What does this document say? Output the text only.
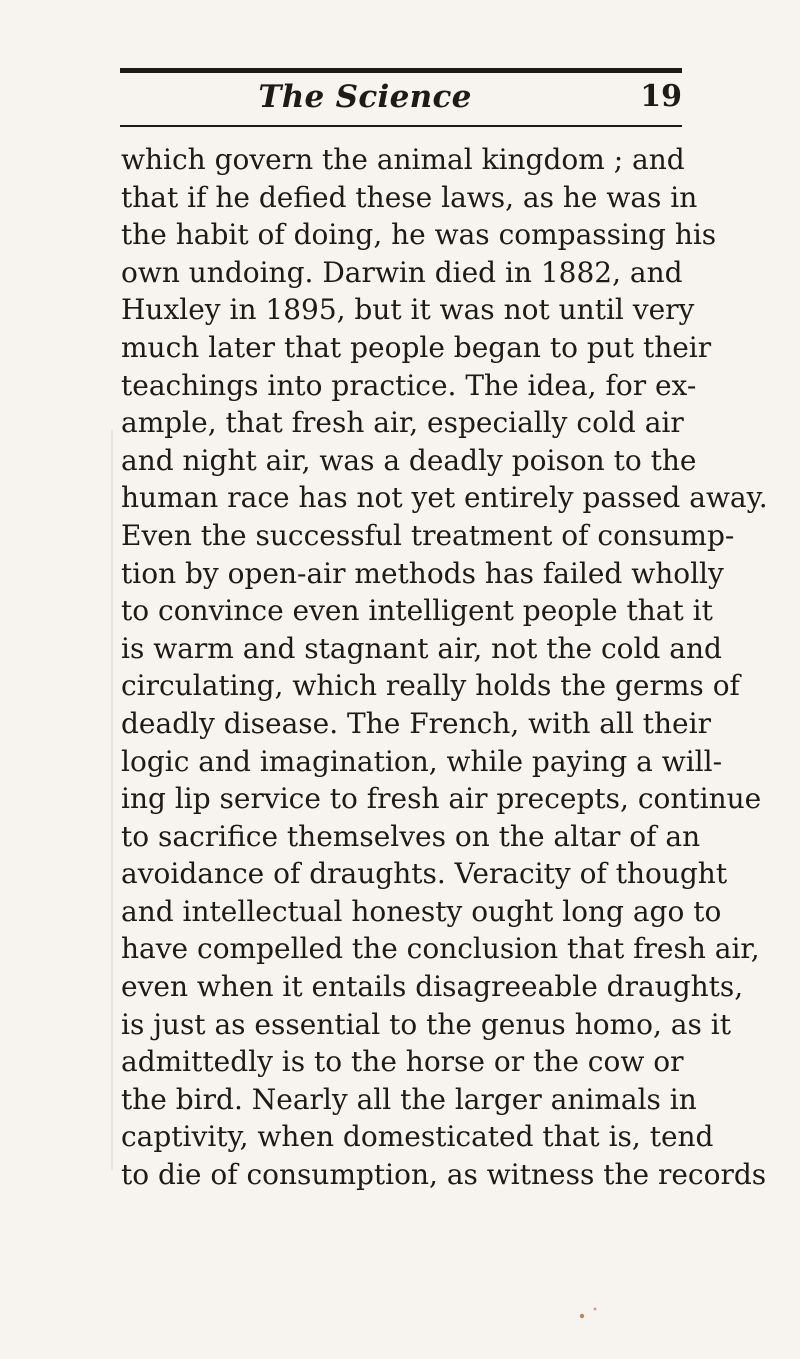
The Science	19
which govern the animal kingdom ; and
that if he defied these laws, as he was in
the habit of doing, he was compassing his
own undoing. Darwin died in 1882, and
Huxley in 1895, but it was not until very
much later that people began to put their
teachings into practice. The idea, for ex-
ample, that fresh air, especially cold air
and night air, was a deadly poison to the
human race has not yet entirely passed away.
Even the successful treatment of consump-
tion by open-air methods has failed wholly
to convince even intelligent people that it
is warm and stagnant air, not the cold and
circulating, which really holds the germs of
deadly disease. The French, with all their
logic and imagination, while paying a will-
ing lip service to fresh air precepts, continue
to sacrifice themselves on the altar of an
avoidance of draughts. Veracity of thought
and intellectual honesty ought long ago to
have compelled the conclusion that fresh air,
even when it entails disagreeable draughts,
is just as essential to the genus homo, as it
admittedly is to the horse or the cow or
the bird. Nearly all the larger animals in
captivity, when domesticated that is, tend
to die of consumption, as witness the records
